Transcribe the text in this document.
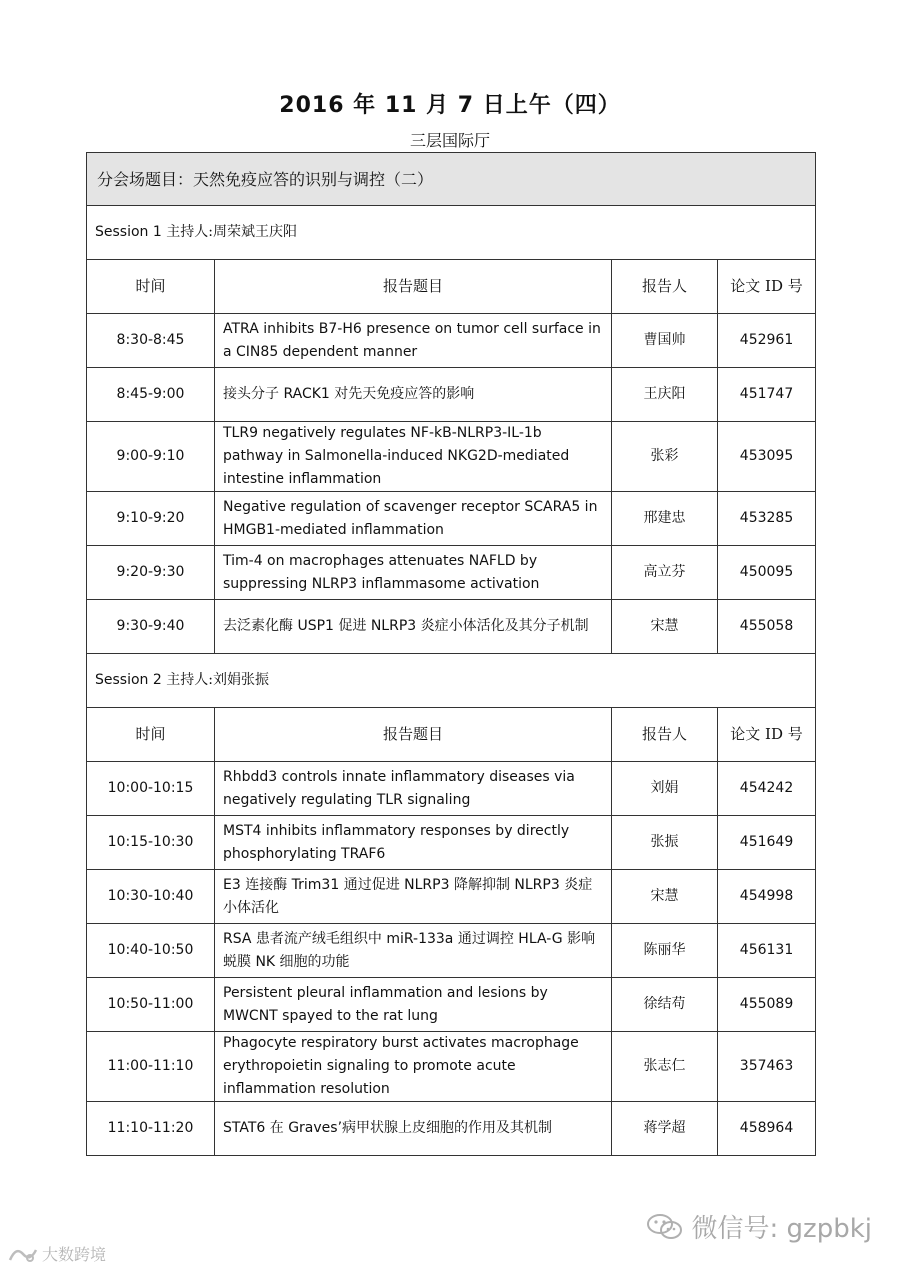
2016 年 11 月 7 日上午（四）
三层国际厅
分会场题目：天然免疫应答的识别与调控（二）			
Session 1 主持人:周荣斌王庆阳			
时间	报告题目	报告人	论文 ID 号
8:30-8:45	ATRA inhibits B7-H6 presence on tumor cell surface in a CIN85 dependent manner	曹国帅	452961
8:45-9:00	接头分子 RACK1 对先天免疫应答的影响	王庆阳	451747
9:00-9:10	TLR9 negatively regulates NF-kB-NLRP3-IL-1b pathway in Salmonella-induced NKG2D-mediated intestine inflammation	张彩	453095
9:10-9:20	Negative regulation of scavenger receptor SCARA5 in HMGB1-mediated inflammation	邢建忠	453285
9:20-9:30	Tim-4 on macrophages attenuates NAFLD by suppressing NLRP3 inflammasome activation	高立芬	450095
9:30-9:40	去泛素化酶 USP1 促进 NLRP3 炎症小体活化及其分子机制	宋慧	455058
Session 2 主持人:刘娟张振			
时间	报告题目	报告人	论文 ID 号
10:00-10:15	Rhbdd3 controls innate inflammatory diseases via negatively regulating TLR signaling	刘娟	454242
10:15-10:30	MST4 inhibits inflammatory responses by directly phosphorylating TRAF6	张振	451649
10:30-10:40	E3 连接酶 Trim31 通过促进 NLRP3 降解抑制 NLRP3 炎症小体活化	宋慧	454998
10:40-10:50	RSA 患者流产绒毛组织中 miR-133a 通过调控 HLA-G 影响蜕膜 NK 细胞的功能	陈丽华	456131
10:50-11:00	Persistent pleural inflammation and lesions by MWCNT spayed to the rat lung	徐结苟	455089
11:00-11:10	Phagocyte respiratory burst activates macrophage erythropoietin signaling to promote acute inflammation resolution	张志仁	357463
11:10-11:20	STAT6 在 Graves’病甲状腺上皮细胞的作用及其机制	蒋学超	458964
微信号: gzpbkj
大数跨境
